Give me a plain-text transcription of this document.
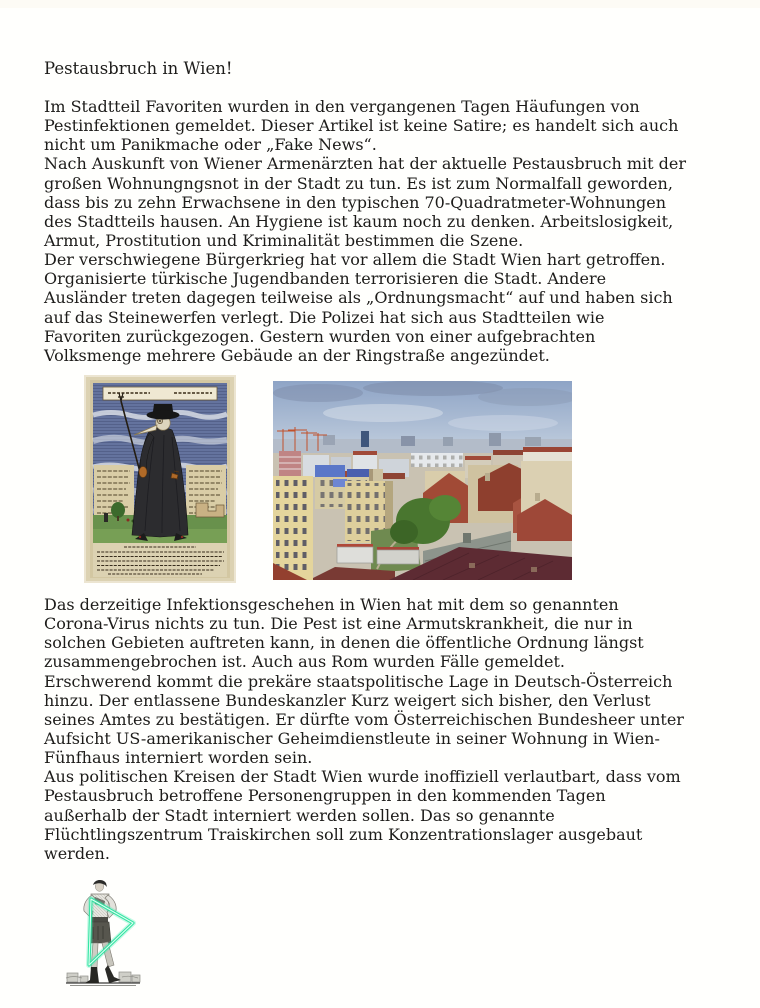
Pestausbruch in Wien!
Im Stadtteil Favoriten wurden in den vergangenen Tagen Häufungen von
Pestinfektionen gemeldet. Dieser Artikel ist keine Satire; es handelt sich auch
nicht um Panikmache oder „Fake News“.
Nach Auskunft von Wiener Armenärzten hat der aktuelle Pestausbruch mit der
großen Wohnungngsnot in der Stadt zu tun. Es ist zum Normalfall geworden,
dass bis zu zehn Erwachsene in den typischen 70-Quadratmeter-Wohnungen
des Stadtteils hausen. An Hygiene ist kaum noch zu denken. Arbeitslosigkeit,
Armut, Prostitution und Kriminalität bestimmen die Szene.
Der verschwiegene Bürgerkrieg hat vor allem die Stadt Wien hart getroffen.
Organisierte türkische Jugendbanden terrorisieren die Stadt. Andere
Ausländer treten dagegen teilweise als „Ordnungsmacht“ auf und haben sich
auf das Steinewerfen verlegt. Die Polizei hat sich aus Stadtteilen wie
Favoriten zurückgezogen. Gestern wurden von einer aufgebrachten
Volksmenge mehrere Gebäude an der Ringstraße angezündet.
Das derzeitige Infektionsgeschehen in Wien hat mit dem so genannten
Corona-Virus nichts zu tun. Die Pest ist eine Armutskrankheit, die nur in
solchen Gebieten auftreten kann, in denen die öffentliche Ordnung längst
zusammengebrochen ist. Auch aus Rom wurden Fälle gemeldet.
Erschwerend kommt die prekäre staatspolitische Lage in Deutsch-Österreich
hinzu. Der entlassene Bundeskanzler Kurz weigert sich bisher, den Verlust
seines Amtes zu bestätigen. Er dürfte vom Österreichischen Bundesheer unter
Aufsicht US-amerikanischer Geheimdienstleute in seiner Wohnung in Wien-
Fünfhaus interniert worden sein.
Aus politischen Kreisen der Stadt Wien wurde inoffiziell verlautbart, dass vom
Pestausbruch betroffene Personengruppen in den kommenden Tagen
außerhalb der Stadt interniert werden sollen. Das so genannte
Flüchtlingszentrum Traiskirchen soll zum Konzentrationslager ausgebaut
werden.
